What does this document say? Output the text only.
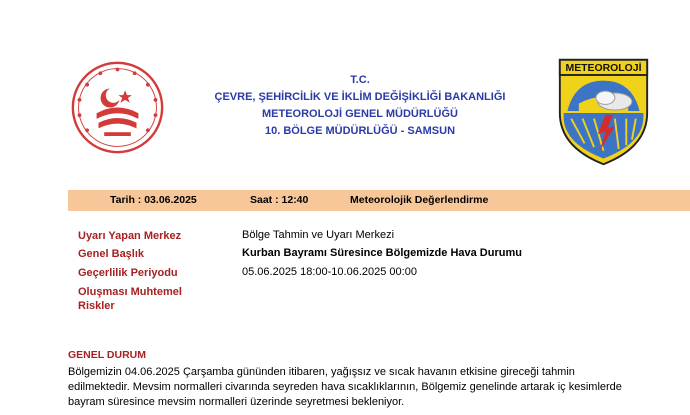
METEOROLOJİ
T.C.
ÇEVRE, ŞEHİRCİLİK VE İKLİM DEĞİŞİKLİĞİ BAKANLIĞI
METEOROLOJİ GENEL MÜDÜRLÜĞÜ
10. BÖLGE MÜDÜRLÜĞÜ - SAMSUN
Tarih : 03.06.2025	Saat : 12:40	Meteorolojik Değerlendirme
Uyarı Yapan Merkez	Bölge Tahmin ve Uyarı Merkezi
Genel Başlık	Kurban Bayramı Süresince Bölgemizde Hava Durumu
Geçerlilik Periyodu	05.06.2025 18:00-10.06.2025 00:00
Oluşması Muhtemel Riskler
GENEL DURUM
Bölgemizin 04.06.2025 Çarşamba gününden itibaren, yağışsız ve sıcak havanın etkisine gireceği tahmin edilmektedir. Mevsim normalleri civarında seyreden hava sıcaklıklarının, Bölgemiz genelinde artarak iç kesimlerde bayram süresince mevsim normalleri üzerinde seyretmesi bekleniyor.
